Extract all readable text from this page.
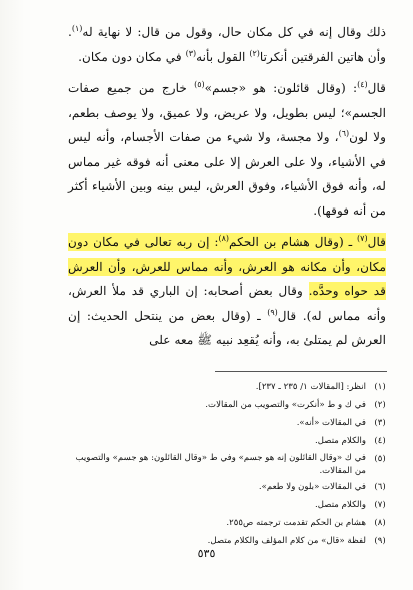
ذلك وقال إنه في كل مكان حال، وقول من قال: لا نهاية له$^{(١)}$. وأن هاتين الفرقتين أنكرتا$^{(٢)}$ القول بأنه$^{(٣)}$ في مكان دون مكان.

قال$^{(٤)}$: (وقال قائلون: هو «جسم»$^{(٥)}$ خارج من جميع صفات الجسم»؛ ليس بطويل، ولا عريض، ولا عميق، ولا يوصف بطعم، ولا لون$^{(٦)}$، ولا مجسة، ولا شيء من صفات الأجسام، وأنه ليس في الأشياء، ولا على العرش إلا على معنى أنه فوقه غير مماس له، وأنه فوق الأشياء، وفوق العرش، ليس بينه وبين الأشياء أكثر من أنه فوقها).

قال$^{(٧)}$ ـ (وقال هشام بن الحكم$^{(٨)}$: إن ربه تعالى في مكان دون مكان، وأن مكانه هو العرش، وأنه مماس للعرش، وأن العرش قد حواه وحدَّه. وقال بعض أصحابه: إن الباري قد ملأ العرش، وأنه مماس له). قال$^{(٩)}$ ـ (وقال بعض من ينتحل الحديث: إن العرش لم يمتلئ به، وأنه يُقعِد نبيه ﷺ معه على

(١)
انظر: [المقالات ١/ ٢٣٥ ـ ٢٣٧].
(٢)
في ك و ط «أنكرت» والتصويب من المقالات.
(٣)
في المقالات «أنه».
(٤)
والكلام متصل.
(٥)
في ك «وقال القائلون إنه هو جسم» وفي ط «وقال القائلون: هو جسم» والتصويب من المقالات.
(٦)
في المقالات «بلون ولا طعم».
(٧)
والكلام متصل.
(٨)
هشام بن الحكم تقدمت ترجمته ص٢٥٥.
(٩)
لفظة «قال» من كلام المؤلف والكلام متصل.
٥٣٥
